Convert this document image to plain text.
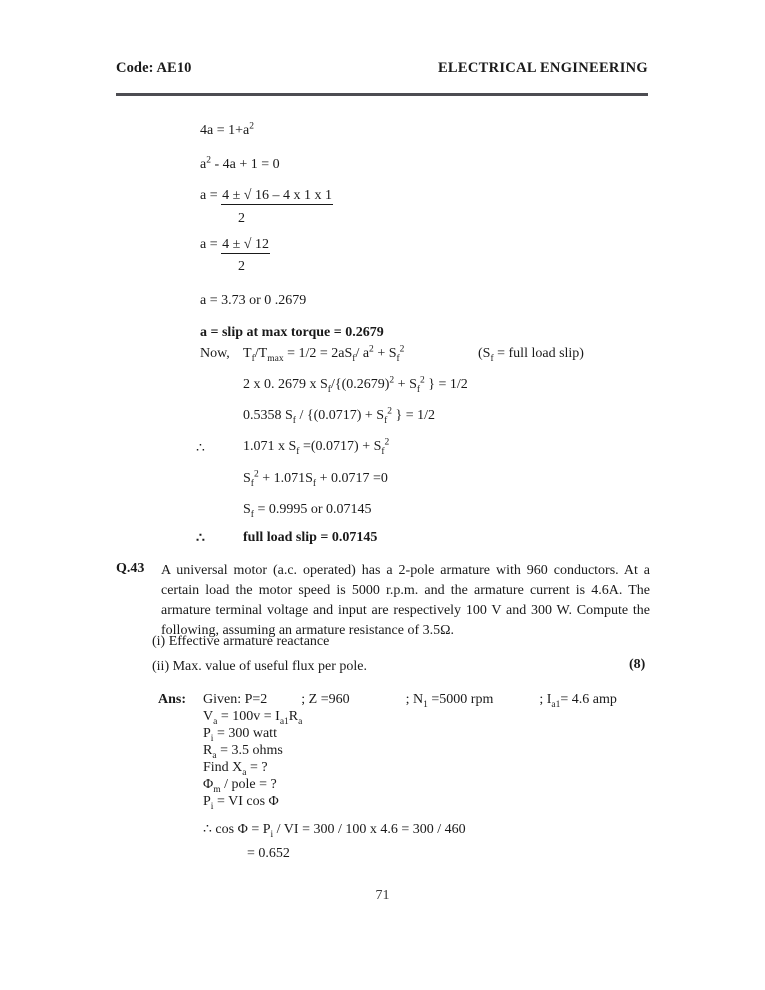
Code: AE10	ELECTRICAL ENGINEERING
$4a = 1+a^2$
$a^2 - 4a + 1 = 0$
a = 4 ± √ 16 – 4 x 1 x 1
2
a = 4 ± √ 12
2
a = 3.73 or 0 .2679
a = slip at max torque = 0.2679
Now, $T_f/T_{max} = 1/2 = 2aS_f/$ $a^2 + S_f^2$	($S_f$ = full load slip)
2 x 0. 2679 x $S_f/\{(0.2679)^2 + S_f^2$ } = 1/2
0.5358 $S_f / \{(0.0717) + S_f^2$ } = 1/2
∴	1.071 x $S_f =(0.0717) + S_f^2$
$S_f^2 + 1.071S_f + 0.0717 =0$
$S_f = 0.9995$ or 0.07145
∴	full load slip = 0.07145
Q.43 A universal motor (a.c. operated) has a 2-pole armature with 960 conductors. At a certain load the motor speed is 5000 r.p.m. and the armature current is 4.6A. The armature terminal voltage and input are respectively 100 V and 300 W. Compute the following, assuming an armature resistance of 3.5Ω.
(i) Effective armature reactance
(ii) Max. value of useful flux per pole.	(8)
Ans: Given: P=2 ; Z =960	; $N_1 =5000$ rpm	; $I_{a1}= 4.6$ amp
$V_a = 100v = I_{a1}R_a$
$P_i = 300$ watt
$R_a = 3.5$ ohms
Find $X_a$ = ?
$\Phi_m$ / pole = ?
$P_i$ = VI cos Φ
∴ $\cos \Phi = P_i$ / VI = 300 / 100 x 4.6 = 300 / 460
= 0.652
71
